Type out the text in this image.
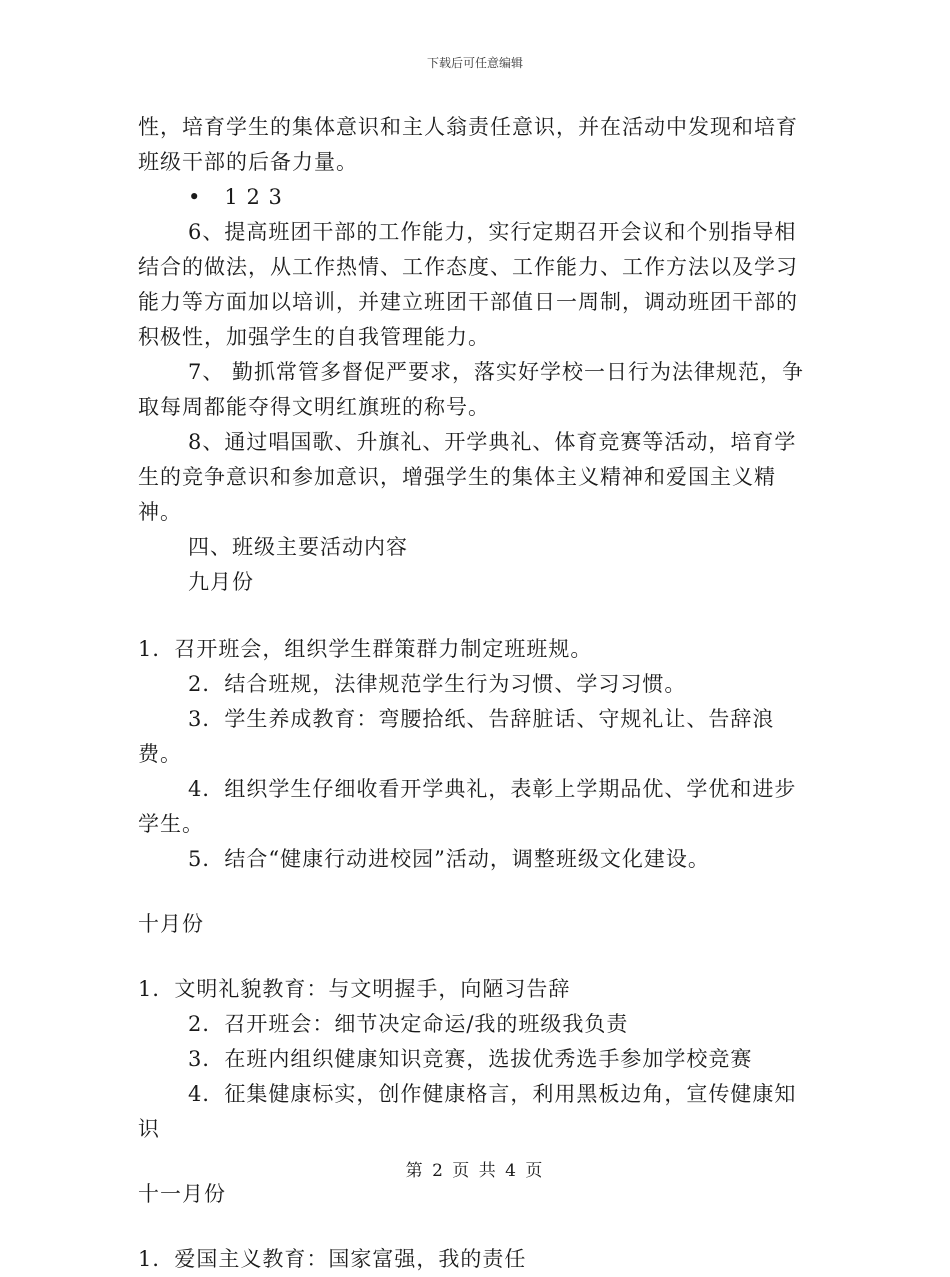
下载后可任意编辑

性，培育学生的集体意识和主人翁责任意识，并在活动中发现和培育班级干部的后备力量。

•   1 2 3

6、提高班团干部的工作能力，实行定期召开会议和个别指导相结合的做法，从工作热情、工作态度、工作能力、工作方法以及学习能力等方面加以培训，并建立班团干部值日一周制，调动班团干部的积极性，加强学生的自我管理能力。

7、 勤抓常管多督促严要求，落实好学校一日行为法律规范，争取每周都能夺得文明红旗班的称号。

8、通过唱国歌、升旗礼、开学典礼、体育竞赛等活动，培育学生的竞争意识和参加意识，增强学生的集体主义精神和爱国主义精神。

四、班级主要活动内容

九月份

1．召开班会，组织学生群策群力制定班班规。

2．结合班规，法律规范学生行为习惯、学习习惯。

3．学生养成教育：弯腰拾纸、告辞脏话、守规礼让、告辞浪费。

4．组织学生仔细收看开学典礼，表彰上学期品优、学优和进步学生。

5．结合“健康行动进校园”活动，调整班级文化建设。

十月份

1．文明礼貌教育：与文明握手，向陋习告辞

2．召开班会：细节决定命运/我的班级我负责

3．在班内组织健康知识竞赛，选拔优秀选手参加学校竞赛

4．征集健康标实，创作健康格言，利用黑板边角，宣传健康知识

十一月份

1．爱国主义教育：国家富强，我的责任

第 2 页 共 4 页
